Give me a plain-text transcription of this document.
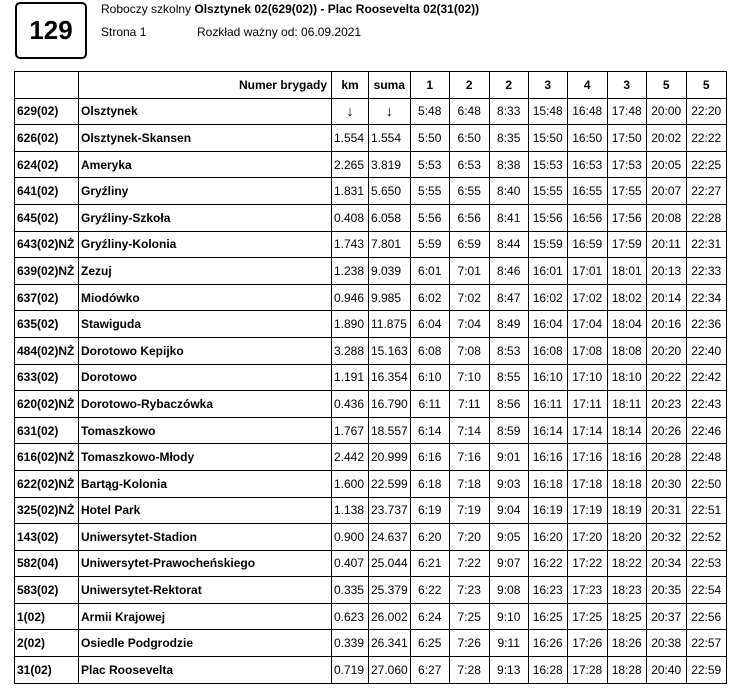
129
Roboczy szkolny Olsztynek 02(629(02)) - Plac Roosevelta 02(31(02))
Strona 1	Rozkład ważny od: 06.09.2021
	Numer brygady	km	suma	1	2	2	3	4	3	5	5
629(02)	Olsztynek	↓	↓	5:48	6:48	8:33	15:48	16:48	17:48	20:00	22:20
626(02)	Olsztynek-Skansen	1.554	1.554	5:50	6:50	8:35	15:50	16:50	17:50	20:02	22:22
624(02)	Ameryka	2.265	3.819	5:53	6:53	8:38	15:53	16:53	17:53	20:05	22:25
641(02)	Gryźliny	1.831	5.650	5:55	6:55	8:40	15:55	16:55	17:55	20:07	22:27
645(02)	Gryźliny-Szkoła	0.408	6.058	5:56	6:56	8:41	15:56	16:56	17:56	20:08	22:28
643(02)NŻ	Gryźliny-Kolonia	1.743	7.801	5:59	6:59	8:44	15:59	16:59	17:59	20:11	22:31
639(02)NŻ	Zezuj	1.238	9.039	6:01	7:01	8:46	16:01	17:01	18:01	20:13	22:33
637(02)	Miodówko	0.946	9.985	6:02	7:02	8:47	16:02	17:02	18:02	20:14	22:34
635(02)	Stawiguda	1.890	11.875	6:04	7:04	8:49	16:04	17:04	18:04	20:16	22:36
484(02)NŻ	Dorotowo Kepijko	3.288	15.163	6:08	7:08	8:53	16:08	17:08	18:08	20:20	22:40
633(02)	Dorotowo	1.191	16.354	6:10	7:10	8:55	16:10	17:10	18:10	20:22	22:42
620(02)NŻ	Dorotowo-Rybaczówka	0.436	16.790	6:11	7:11	8:56	16:11	17:11	18:11	20:23	22:43
631(02)	Tomaszkowo	1.767	18.557	6:14	7:14	8:59	16:14	17:14	18:14	20:26	22:46
616(02)NŻ	Tomaszkowo-Młody	2.442	20.999	6:16	7:16	9:01	16:16	17:16	18:16	20:28	22:48
622(02)NŻ	Bartąg-Kolonia	1.600	22.599	6:18	7:18	9:03	16:18	17:18	18:18	20:30	22:50
325(02)NŻ	Hotel Park	1.138	23.737	6:19	7:19	9:04	16:19	17:19	18:19	20:31	22:51
143(02)	Uniwersytet-Stadion	0.900	24.637	6:20	7:20	9:05	16:20	17:20	18:20	20:32	22:52
582(04)	Uniwersytet-Prawocheńskiego	0.407	25.044	6:21	7:22	9:07	16:22	17:22	18:22	20:34	22:53
583(02)	Uniwersytet-Rektorat	0.335	25.379	6:22	7:23	9:08	16:23	17:23	18:23	20:35	22:54
1(02)	Armii Krajowej	0.623	26.002	6:24	7:25	9:10	16:25	17:25	18:25	20:37	22:56
2(02)	Osiedle Podgrodzie	0.339	26.341	6:25	7:26	9:11	16:26	17:26	18:26	20:38	22:57
31(02)	Plac Roosevelta	0.719	27.060	6:27	7:28	9:13	16:28	17:28	18:28	20:40	22:59
